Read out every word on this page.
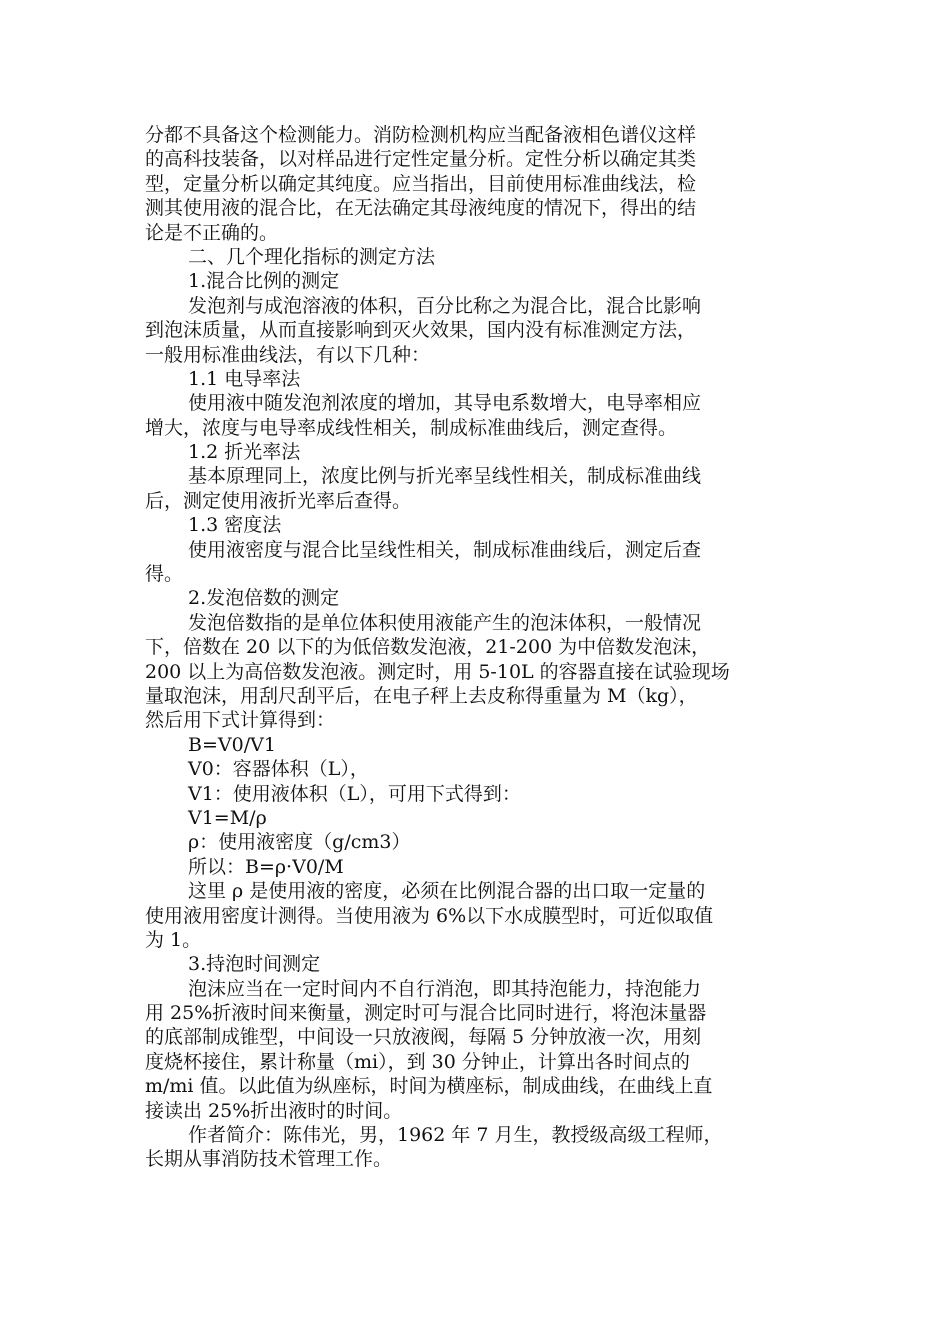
分都不具备这个检测能力。消防检测机构应当配备液相色谱仪这样
的高科技装备，以对样品进行定性定量分析。定性分析以确定其类
型，定量分析以确定其纯度。应当指出，目前使用标准曲线法，检
测其使用液的混合比，在无法确定其母液纯度的情况下，得出的结
论是不正确的。
二、几个理化指标的测定方法
1.混合比例的测定
发泡剂与成泡溶液的体积，百分比称之为混合比，混合比影响
到泡沫质量，从而直接影响到灭火效果，国内没有标准测定方法，
一般用标准曲线法，有以下几种：
1.1 电导率法
使用液中随发泡剂浓度的增加，其导电系数增大，电导率相应
增大，浓度与电导率成线性相关，制成标准曲线后，测定查得。
1.2 折光率法
基本原理同上，浓度比例与折光率呈线性相关，制成标准曲线
后，测定使用液折光率后查得。
1.3 密度法
使用液密度与混合比呈线性相关，制成标准曲线后，测定后查
得。
2.发泡倍数的测定
发泡倍数指的是单位体积使用液能产生的泡沫体积，一般情况
下，倍数在 20 以下的为低倍数发泡液，21-200 为中倍数发泡沫，
200 以上为高倍数发泡液。测定时，用 5-10L 的容器直接在试验现场
量取泡沫，用刮尺刮平后，在电子秤上去皮称得重量为 M（kg），
然后用下式计算得到：
B=V0/V1
V0：容器体积（L），
V1：使用液体积（L），可用下式得到：
V1=M/ρ
ρ：使用液密度（g/cm3）
所以：B=ρ·V0/M
这里 ρ 是使用液的密度，必须在比例混合器的出口取一定量的
使用液用密度计测得。当使用液为 6%以下水成膜型时，可近似取值
为 1。
3.持泡时间测定
泡沫应当在一定时间内不自行消泡，即其持泡能力，持泡能力
用 25%折液时间来衡量，测定时可与混合比同时进行，将泡沫量器
的底部制成锥型，中间设一只放液阀，每隔 5 分钟放液一次，用刻
度烧杯接住，累计称量（mi），到 30 分钟止，计算出各时间点的
m/mi 值。以此值为纵座标，时间为横座标，制成曲线，在曲线上直
接读出 25%折出液时的时间。
作者简介：陈伟光，男，1962 年 7 月生，教授级高级工程师，
长期从事消防技术管理工作。
